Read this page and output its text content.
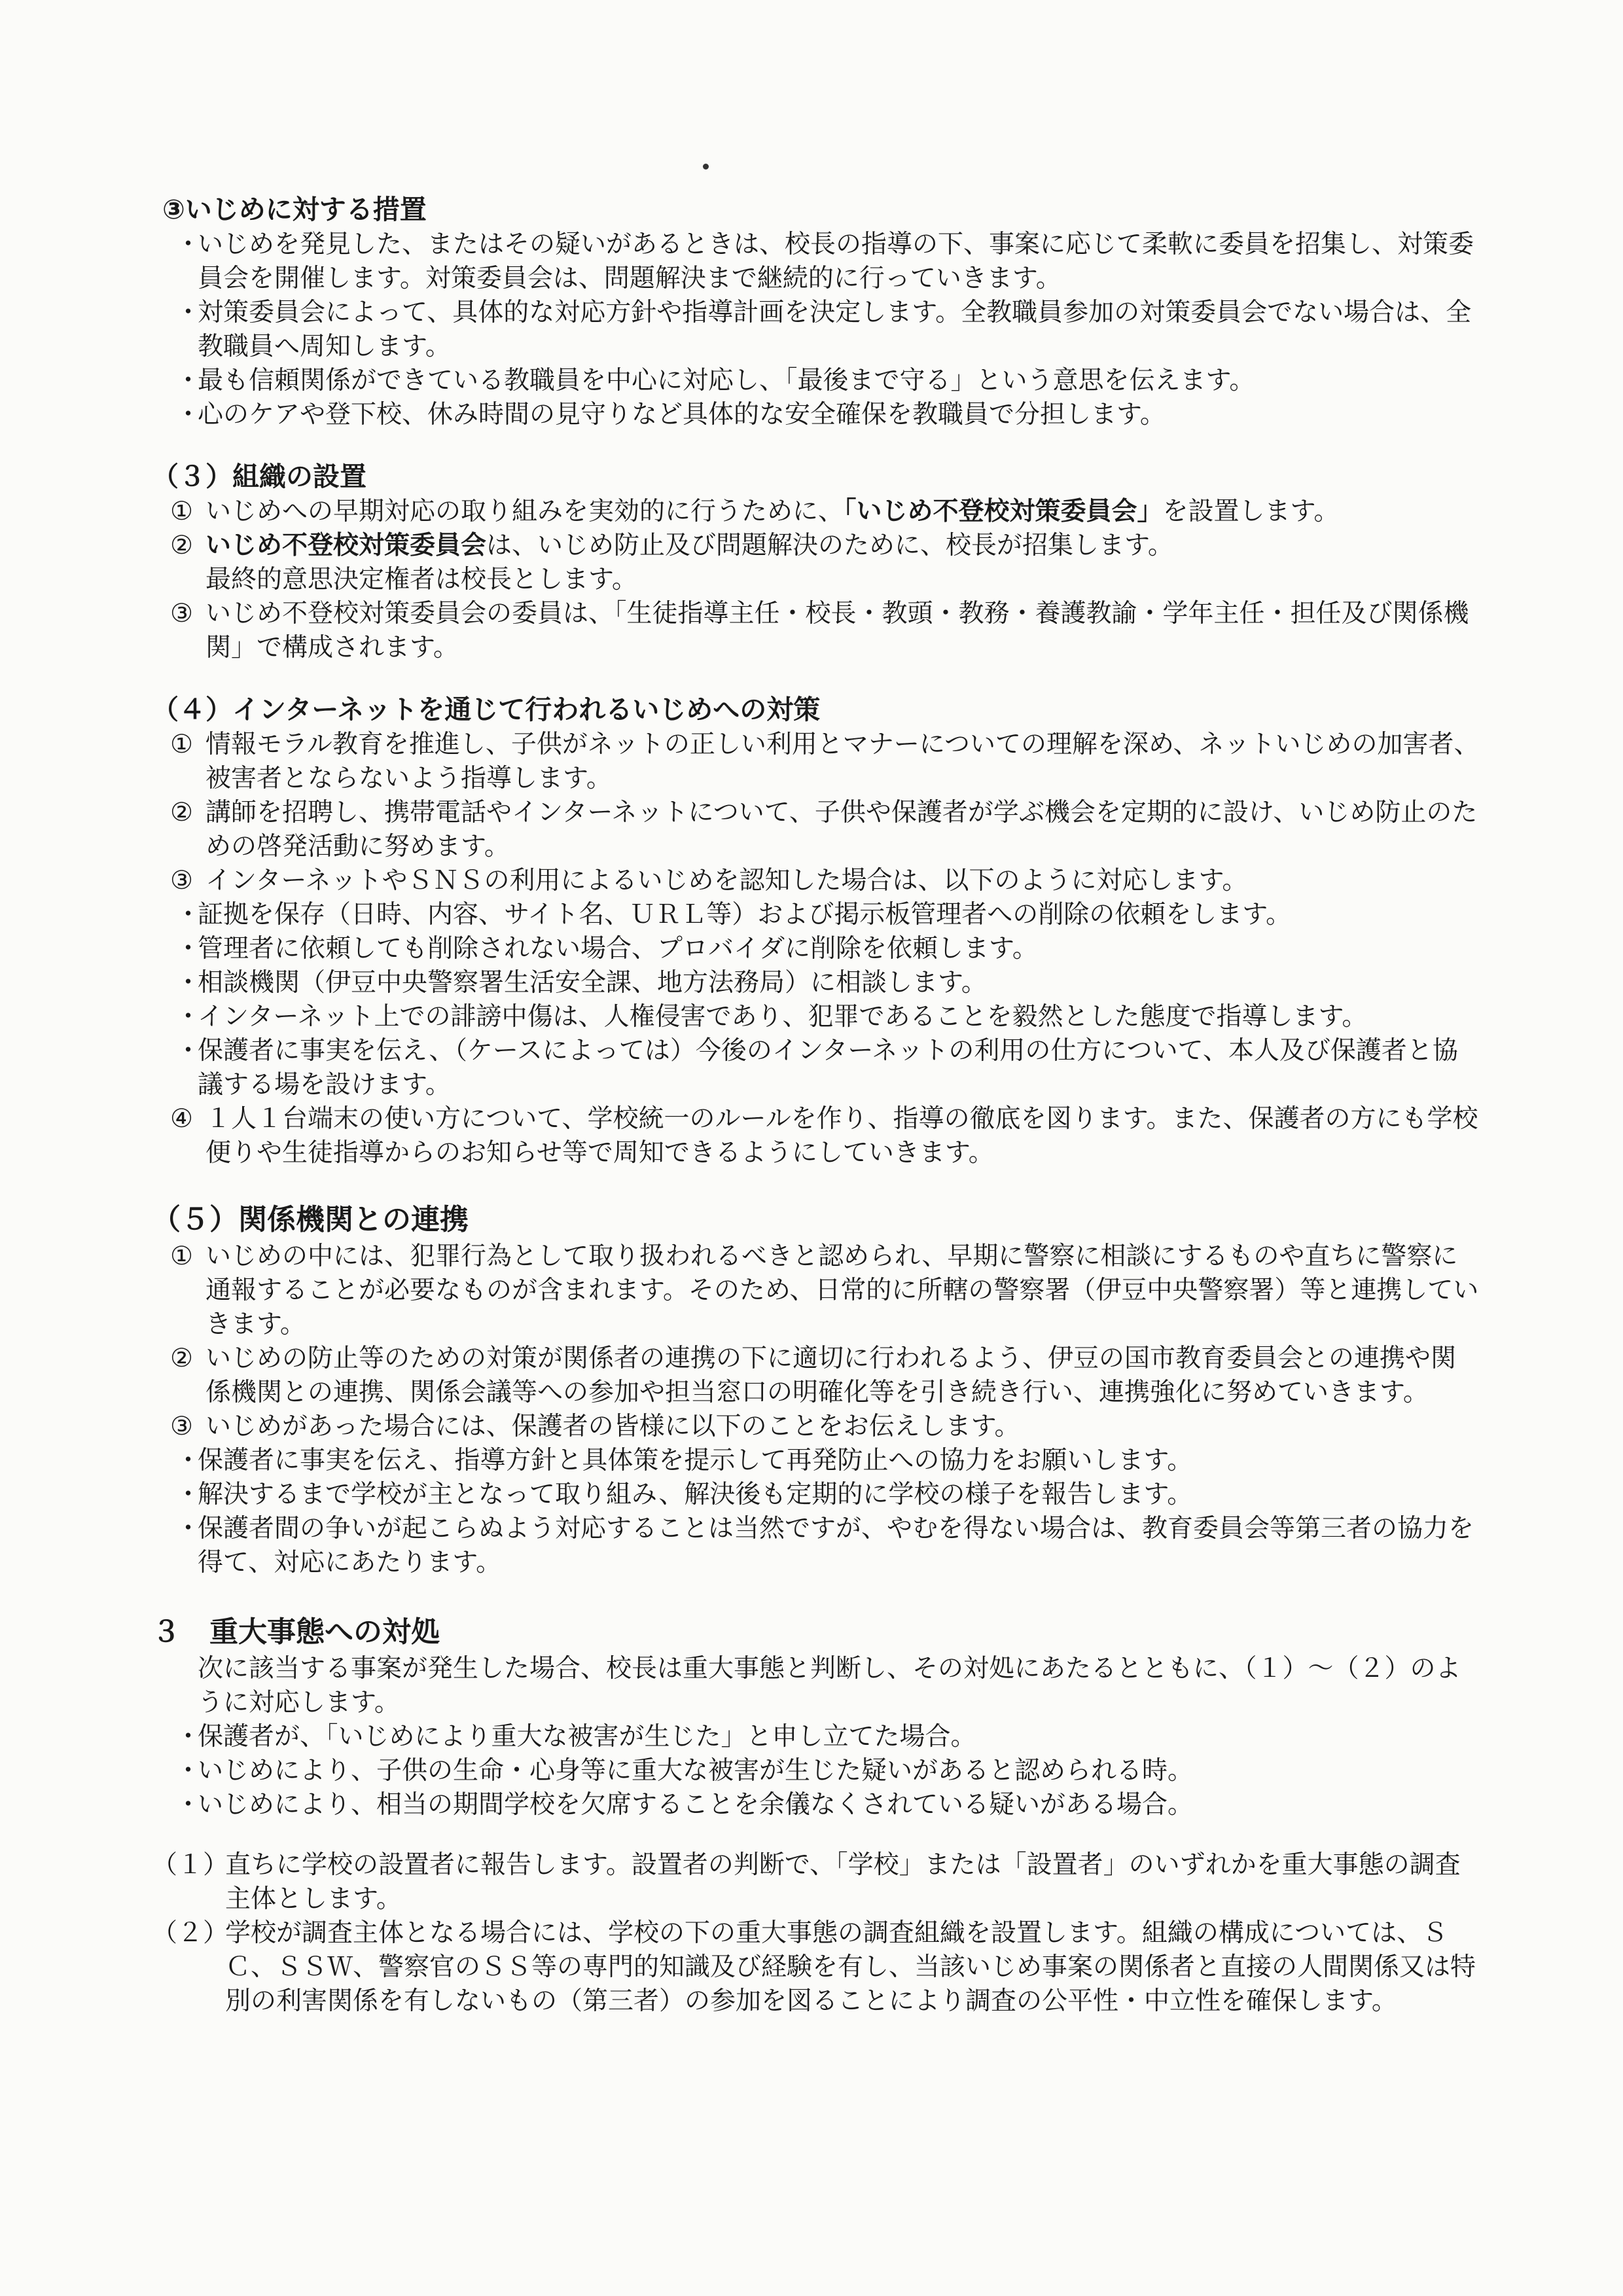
③いじめに対する措置

・
いじめを発見した、またはその疑いがあるときは、校長の指導の下、事案に応じて柔軟に委員を招集し、対策委員会を開催します。対策委員会は、問題解決まで継続的に行っていきます。

・
対策委員会によって、具体的な対応方針や指導計画を決定します。全教職員参加の対策委員会でない場合は、全教職員へ周知します。

・
最も信頼関係ができている教職員を中心に対応し、「最後まで守る」という意思を伝えます。

・
心のケアや登下校、休み時間の見守りなど具体的な安全確保を教職員で分担します。

（３）組織の設置

① いじめへの早期対応の取り組みを実効的に行うために、「いじめ不登校対策委員会」を設置します。

② いじめ不登校対策委員会は、いじめ防止及び問題解決のために、校長が招集します。
最終的意思決定権者は校長とします。

③ いじめ不登校対策委員会の委員は、「生徒指導主任・校長・教頭・教務・養護教諭・学年主任・担任及び関係機関」で構成されます。

（４）インターネットを通じて行われるいじめへの対策

① 情報モラル教育を推進し、子供がネットの正しい利用とマナーについての理解を深め、ネットいじめの加害者、被害者とならないよう指導します。

② 講師を招聘し、携帯電話やインターネットについて、子供や保護者が学ぶ機会を定期的に設け、いじめ防止のための啓発活動に努めます。

③ インターネットやＳＮＳの利用によるいじめを認知した場合は、以下のように対応します。

・
証拠を保存（日時、内容、サイト名、ＵＲＬ等）および掲示板管理者への削除の依頼をします。

・
管理者に依頼しても削除されない場合、プロバイダに削除を依頼します。

・
相談機関（伊豆中央警察署生活安全課、地方法務局）に相談します。

・
インターネット上での誹謗中傷は、人権侵害であり、犯罪であることを毅然とした態度で指導します。

・
保護者に事実を伝え、（ケースによっては）今後のインターネットの利用の仕方について、本人及び保護者と協議する場を設けます。

④ １人１台端末の使い方について、学校統一のルールを作り、指導の徹底を図ります。また、保護者の方にも学校便りや生徒指導からのお知らせ等で周知できるようにしていきます。

（５）関係機関との連携

① いじめの中には、犯罪行為として取り扱われるべきと認められ、早期に警察に相談にするものや直ちに警察に通報することが必要なものが含まれます。そのため、日常的に所轄の警察署（伊豆中央警察署）等と連携していきます。

② いじめの防止等のための対策が関係者の連携の下に適切に行われるよう、伊豆の国市教育委員会との連携や関係機関との連携、関係会議等への参加や担当窓口の明確化等を引き続き行い、連携強化に努めていきます。

③ いじめがあった場合には、保護者の皆様に以下のことをお伝えします。

・
保護者に事実を伝え、指導方針と具体策を提示して再発防止への協力をお願いします。

・
解決するまで学校が主となって取り組み、解決後も定期的に学校の様子を報告します。

・
保護者間の争いが起こらぬよう対応することは当然ですが、やむを得ない場合は、教育委員会等第三者の協力を得て、対応にあたります。

３　重大事態への対処

次に該当する事案が発生した場合、校長は重大事態と判断し、その対処にあたるとともに、（１）～（２）のように対応します。

・
保護者が、「いじめにより重大な被害が生じた」と申し立てた場合。

・
いじめにより、子供の生命・心身等に重大な被害が生じた疑いがあると認められる時。

・
いじめにより、相当の期間学校を欠席することを余儀なくされている疑いがある場合。

（１）
直ちに学校の設置者に報告します。設置者の判断で、「学校」または「設置者」のいずれかを重大事態の調査主体とします。

（２）
学校が調査主体となる場合には、学校の下の重大事態の調査組織を設置します。組織の構成については、ＳＣ、ＳＳＷ、警察官のＳＳ等の専門的知識及び経験を有し、当該いじめ事案の関係者と直接の人間関係又は特別の利害関係を有しないもの（第三者）の参加を図ることにより調査の公平性・中立性を確保します。
